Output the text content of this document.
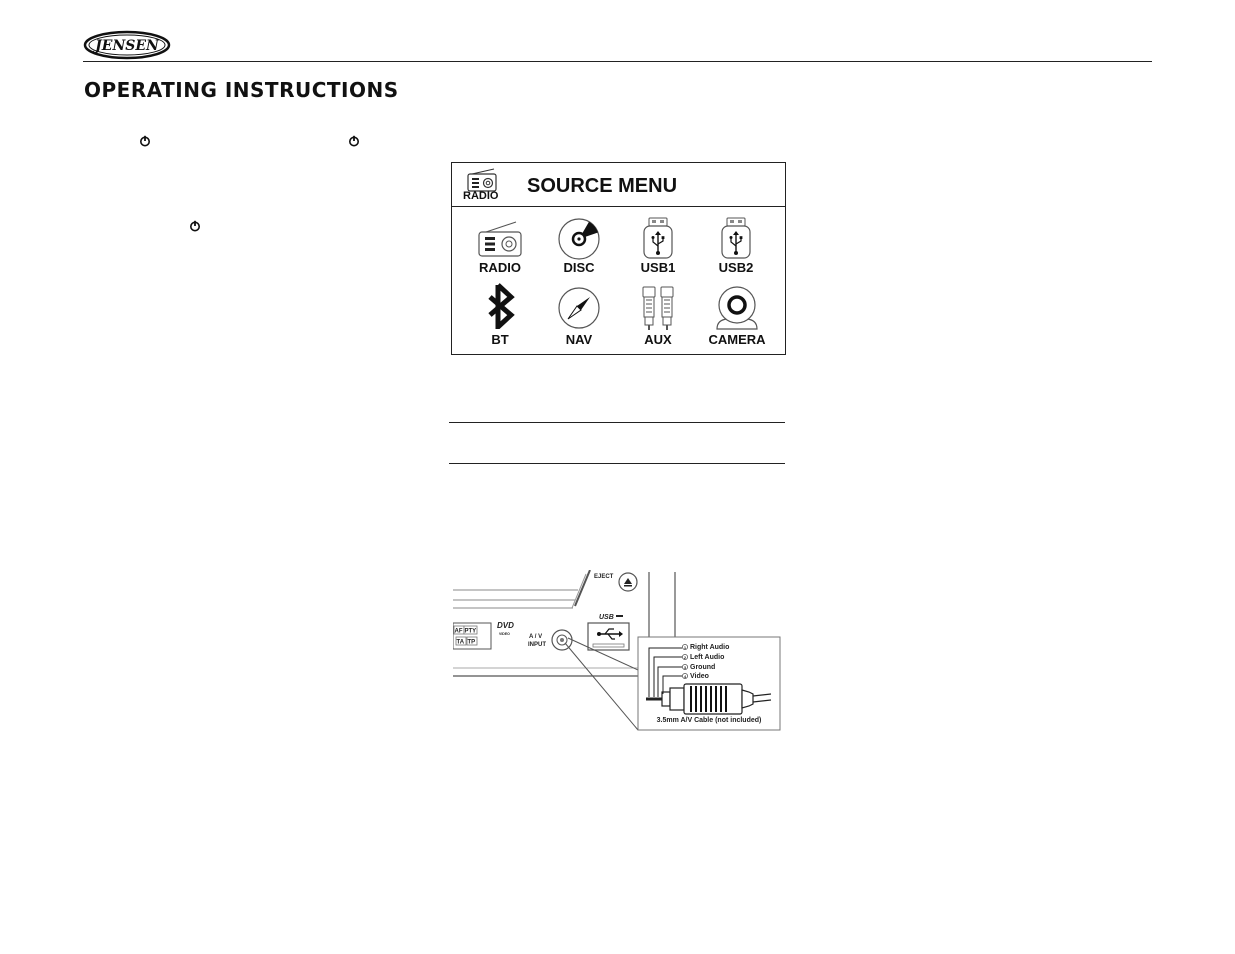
JENSEN
OPERATING INSTRUCTIONS
RADIO SOURCE MENU
RADIO	DISC	USB1	USB2
BT	NAV	AUX	CAMERA
EJECT
AF PTY
TA TP
DVD
VIDEO	A / V
INPUT
USB
1
2
3
4
Right Audio
Left Audio
Ground
Video
3.5mm A/V Cable (not included)
